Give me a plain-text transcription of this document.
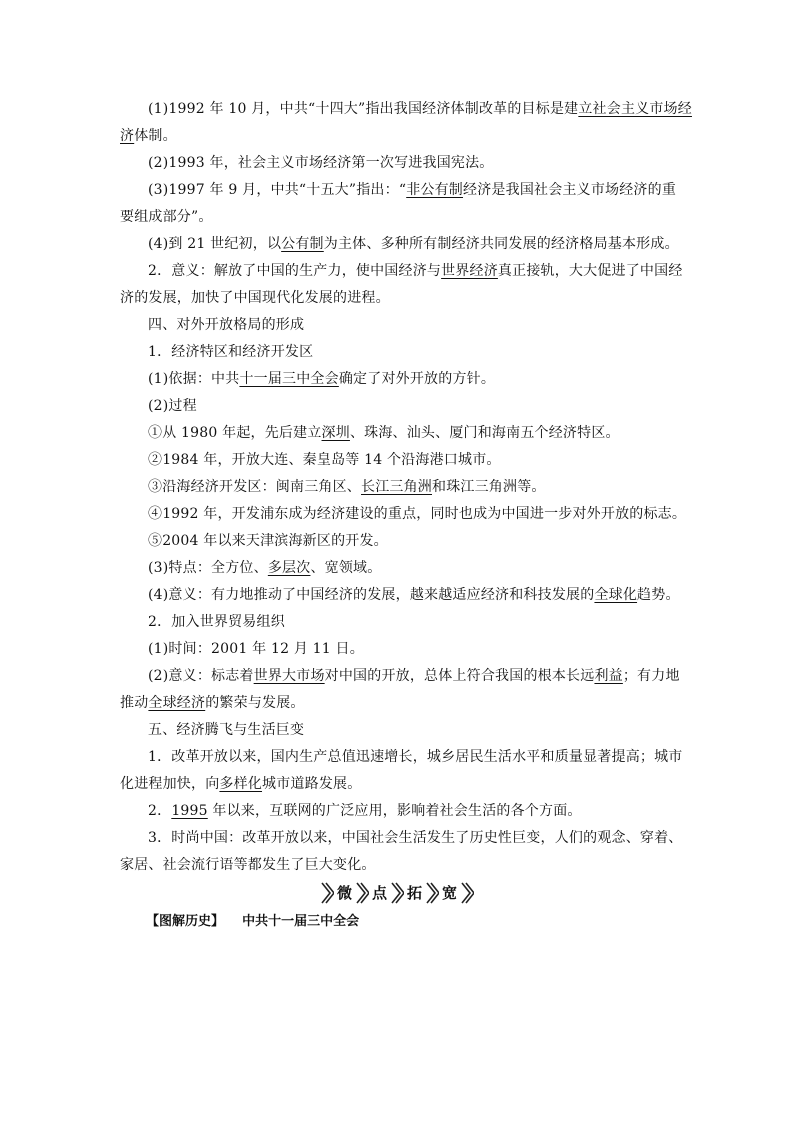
(1)1992 年 10 月，中共“十四大”指出我国经济体制改革的目标是建立社会主义市场经
济体制。
(2)1993 年，社会主义市场经济第一次写进我国宪法。
(3)1997 年 9 月，中共“十五大”指出：“非公有制经济是我国社会主义市场经济的重
要组成部分”。
(4)到 21 世纪初，以公有制为主体、多种所有制经济共同发展的经济格局基本形成。
2．意义：解放了中国的生产力，使中国经济与世界经济真正接轨，大大促进了中国经
济的发展，加快了中国现代化发展的进程。
四、对外开放格局的形成
1．经济特区和经济开发区
(1)依据：中共十一届三中全会确定了对外开放的方针。
(2)过程
①从 1980 年起，先后建立深圳、珠海、汕头、厦门和海南五个经济特区。
②1984 年，开放大连、秦皇岛等 14 个沿海港口城市。
③沿海经济开发区：闽南三角区、长江三角洲和珠江三角洲等。
④1992 年，开发浦东成为经济建设的重点，同时也成为中国进一步对外开放的标志。
⑤2004 年以来天津滨海新区的开发。
(3)特点：全方位、多层次、宽领域。
(4)意义：有力地推动了中国经济的发展，越来越适应经济和科技发展的全球化趋势。
2．加入世界贸易组织
(1)时间：2001 年 12 月 11 日。
(2)意义：标志着世界大市场对中国的开放，总体上符合我国的根本长远利益；有力地
推动全球经济的繁荣与发展。
五、经济腾飞与生活巨变
1．改革开放以来，国内生产总值迅速增长，城乡居民生活水平和质量显著提高；城市
化进程加快，向多样化城市道路发展。
2．1995 年以来，互联网的广泛应用，影响着社会生活的各个方面。
3．时尚中国：改革开放以来，中国社会生活发生了历史性巨变，人们的观念、穿着、
家居、社会流行语等都发生了巨大变化。
微 点 拓 宽
【图解历史】 中共十一届三中全会
